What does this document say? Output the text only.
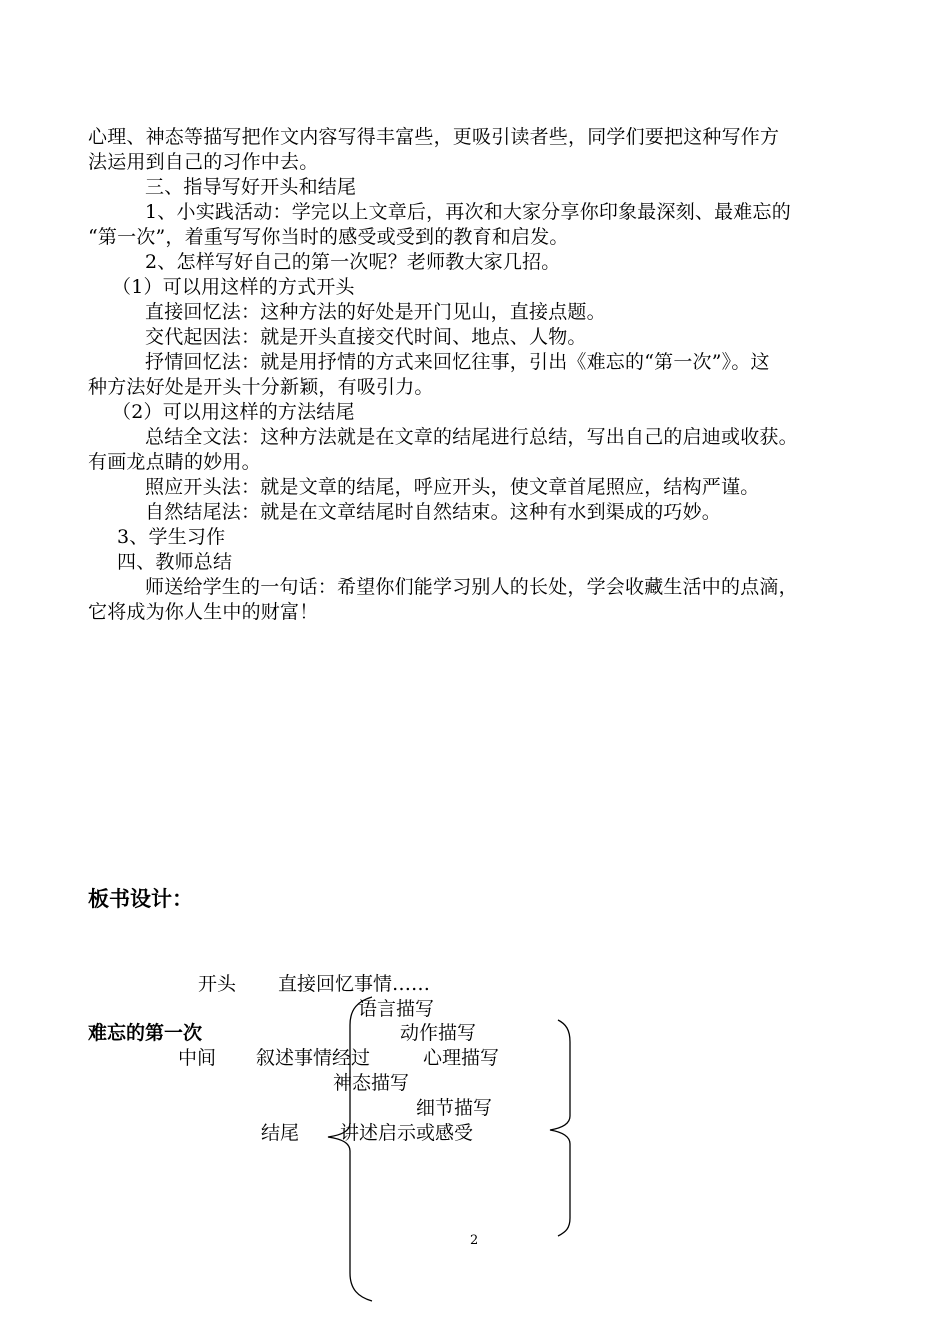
心理、神态等描写把作文内容写得丰富些，更吸引读者些，同学们要把这种写作方
法运用到自己的习作中去。
三、指导写好开头和结尾
1、小实践活动：学完以上文章后，再次和大家分享你印象最深刻、最难忘的
“第一次”，着重写写你当时的感受或受到的教育和启发。
2、怎样写好自己的第一次呢？老师教大家几招。
（1）可以用这样的方式开头
直接回忆法：这种方法的好处是开门见山，直接点题。
交代起因法：就是开头直接交代时间、地点、人物。
抒情回忆法：就是用抒情的方式来回忆往事，引出《难忘的“第一次”》。这
种方法好处是开头十分新颖，有吸引力。
（2）可以用这样的方法结尾
总结全文法：这种方法就是在文章的结尾进行总结，写出自己的启迪或收获。
有画龙点睛的妙用。
照应开头法：就是文章的结尾，呼应开头，使文章首尾照应，结构严谨。
自然结尾法：就是在文章结尾时自然结束。这种有水到渠成的巧妙。
3、学生习作
四、教师总结
师送给学生的一句话：希望你们能学习别人的长处，学会收藏生活中的点滴，
它将成为你人生中的财富！
板书设计：
开头 直接回忆事情……
语言描写
难忘的第一次	动作描写
中间 叙述事情经过	心理描写
神态描写
细节描写
结尾 讲述启示或感受
2
